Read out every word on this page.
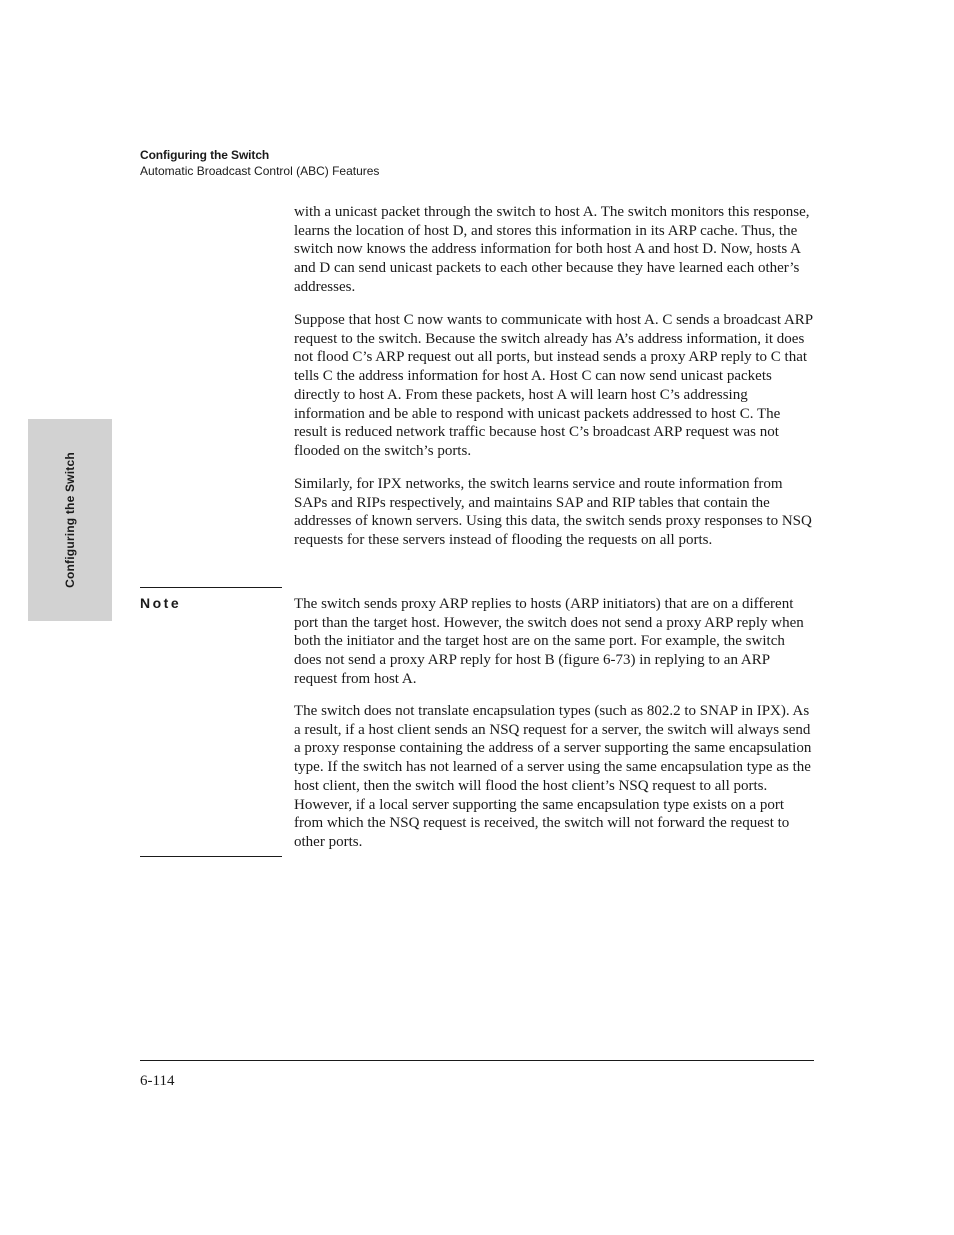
Configuring the Switch
Automatic Broadcast Control (ABC) Features
Configuring the Switch

with a unicast packet through the switch to host A. The switch monitors this response, learns the location of host D, and stores this information in its ARP cache. Thus, the switch now knows the address information for both host A and host D. Now, hosts A and D can send unicast packets to each other because they have learned each other’s addresses.

Suppose that host C now wants to communicate with host A. C sends a broadcast ARP request to the switch. Because the switch already has A’s address information, it does not flood C’s ARP request out all ports, but instead sends a proxy ARP reply to C that tells C the address information for host A. Host C can now send unicast packets directly to host A. From these packets, host A will learn host C’s addressing information and be able to respond with unicast packets addressed to host C. The result is reduced network traffic because host C’s broadcast ARP request was not flooded on the switch’s ports.

Similarly, for IPX networks, the switch learns service and route information from SAPs and RIPs respectively, and maintains SAP and RIP tables that contain the addresses of known servers. Using this data, the switch sends proxy responses to NSQ requests for these servers instead of flooding the requests on all ports.

Note	The switch sends proxy ARP replies to hosts (ARP initiators) that are on a different port than the target host. However, the switch does not send a proxy ARP reply when both the initiator and the target host are on the same port. For example, the switch does not send a proxy ARP reply for host B (figure 6-73) in replying to an ARP request from host A.

The switch does not translate encapsulation types (such as 802.2 to SNAP in IPX). As a result, if a host client sends an NSQ request for a server, the switch will always send a proxy response containing the address of a server supporting the same encapsulation type. If the switch has not learned of a server using the same encapsulation type as the host client, then the switch will flood the host client’s NSQ request to all ports. However, if a local server supporting the same encapsulation type exists on a port from which the NSQ request is received, the switch will not forward the request to other ports.

6-114
